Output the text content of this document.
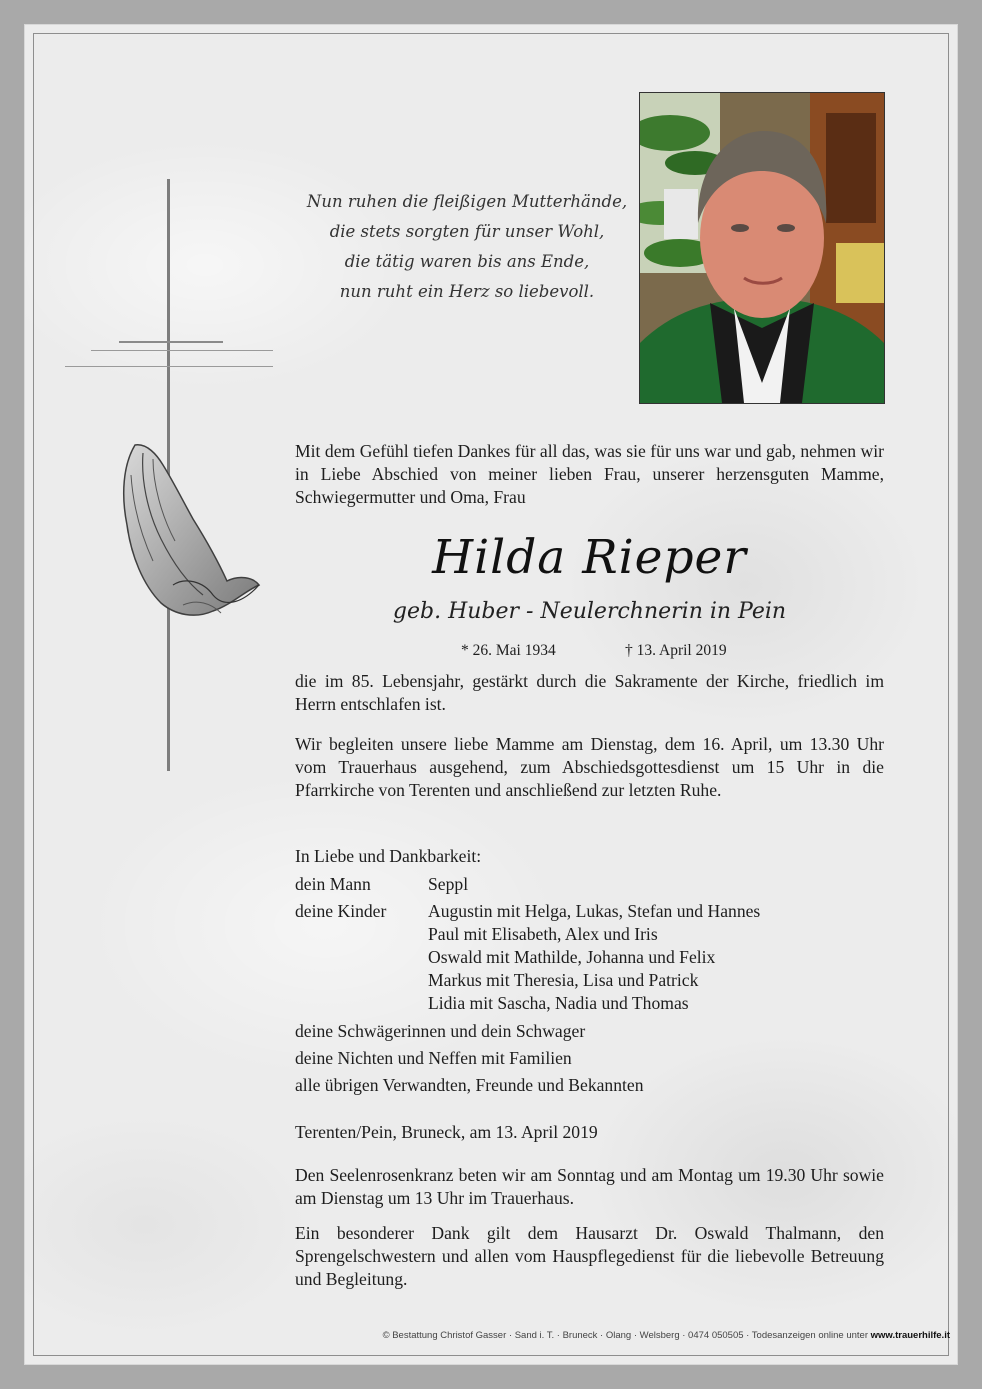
Nun ruhen die fleißigen Mutterhände,
die stets sorgten für unser Wohl,
die tätig waren bis ans Ende,
nun ruht ein Herz so liebevoll.
Mit dem Gefühl tiefen Dankes für all das, was sie für uns war und gab, nehmen wir in Liebe Abschied von meiner lieben Frau, unserer herzensguten Mamme, Schwiegermutter und Oma, Frau
Hilda Rieper
geb. Huber - Neulerchnerin in Pein
* 26. Mai 1934	† 13. April 2019
die im 85. Lebensjahr, gestärkt durch die Sakramente der Kirche, friedlich im Herrn entschlafen ist.
Wir begleiten unsere liebe Mamme am Dienstag, dem 16. April, um 13.30 Uhr vom Trauerhaus ausgehend, zum Abschiedsgottesdienst um 15 Uhr in die Pfarrkirche von Terenten und anschließend zur letzten Ruhe.
In Liebe und Dankbarkeit:
dein Mann	Seppl
deine Kinder Augustin mit Helga, Lukas, Stefan und Hannes
Paul mit Elisabeth, Alex und Iris
Oswald mit Mathilde, Johanna und Felix
Markus mit Theresia, Lisa und Patrick
Lidia mit Sascha, Nadia und Thomas
deine Schwägerinnen und dein Schwager
deine Nichten und Neffen mit Familien
alle übrigen Verwandten, Freunde und Bekannten
Terenten/Pein, Bruneck, am 13. April 2019
Den Seelenrosenkranz beten wir am Sonntag und am Montag um 19.30 Uhr sowie am Dienstag um 13 Uhr im Trauerhaus.
Ein besonderer Dank gilt dem Hausarzt Dr. Oswald Thalmann, den Sprengelschwestern und allen vom Hauspflegedienst für die liebevolle Betreuung und Begleitung.
© Bestattung Christof Gasser · Sand i. T. · Bruneck · Olang · Welsberg · 0474 050505 · Todesanzeigen online unter www.trauerhilfe.it
